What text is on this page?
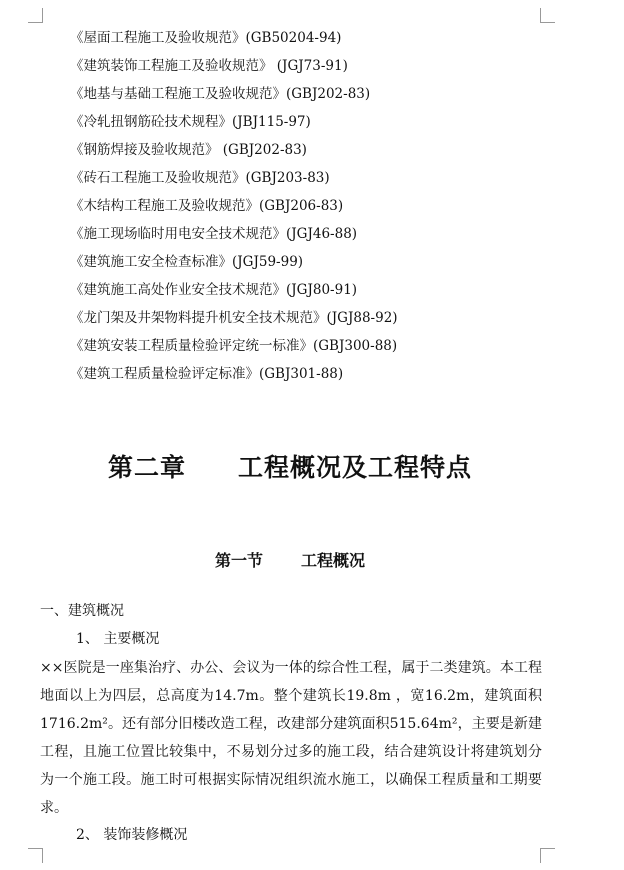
《屋面工程施工及验收规范》(GB50204-94)
《建筑装饰工程施工及验收规范》 (JGJ73-91)
《地基与基础工程施工及验收规范》(GBJ202-83)
《冷轧扭钢筋砼技术规程》(JBJ115-97)
《钢筋焊接及验收规范》 (GBJ202-83)
《砖石工程施工及验收规范》(GBJ203-83)
《木结构工程施工及验收规范》(GBJ206-83)
《施工现场临时用电安全技术规范》(JGJ46-88)
《建筑施工安全检查标准》(JGJ59-99)
《建筑施工高处作业安全技术规范》(JGJ80-91)
《龙门架及井架物料提升机安全技术规范》(JGJ88-92)
《建筑安装工程质量检验评定统一标准》(GBJ300-88)
《建筑工程质量检验评定标准》(GBJ301-88)
第二章 工程概况及工程特点
第一节 工程概况
一、建筑概况
1、 主要概况

××医院是一座集治疗、办公、会议为一体的综合性工程，属于二类建筑。本工程地面以上为四层，总高度为14.7m。整个建筑长19.8m ，宽16.2m，建筑面积1716.2m²。还有部分旧楼改造工程，改建部分建筑面积515.64m²，主要是新建工程，且施工位置比较集中，不易划分过多的施工段，结合建筑设计将建筑划分为一个施工段。施工时可根据实际情况组织流水施工，以确保工程质量和工期要求。

2、 装饰装修概况
